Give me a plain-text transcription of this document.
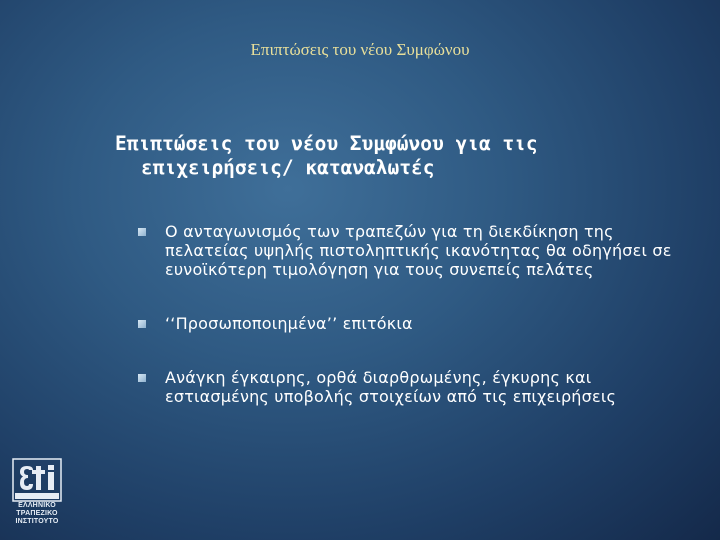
Επιπτώσεις του νέου Συμφώνου
Επιπτώσεις του νέου Συμφώνου για τις
επιχειρήσεις/ καταναλωτές
Ο ανταγωνισμός των τραπεζών για τη διεκδίκηση της πελατείας υψηλής πιστοληπτικής ικανότητας θα οδηγήσει σε ευνοϊκότερη τιμολόγηση για τους συνεπείς πελάτες
‘‘Προσωποποιημένα’’ επιτόκια
Ανάγκη έγκαιρης, ορθά διαρθρωμένης, έγκυρης και εστιασμένης υποβολής στοιχείων από τις επιχειρήσεις
ΕΛΛΗΝΙΚΟ
ΤΡΑΠΕΖΙΚΟ
ΙΝΣΤΙΤΟΥΤΟ
